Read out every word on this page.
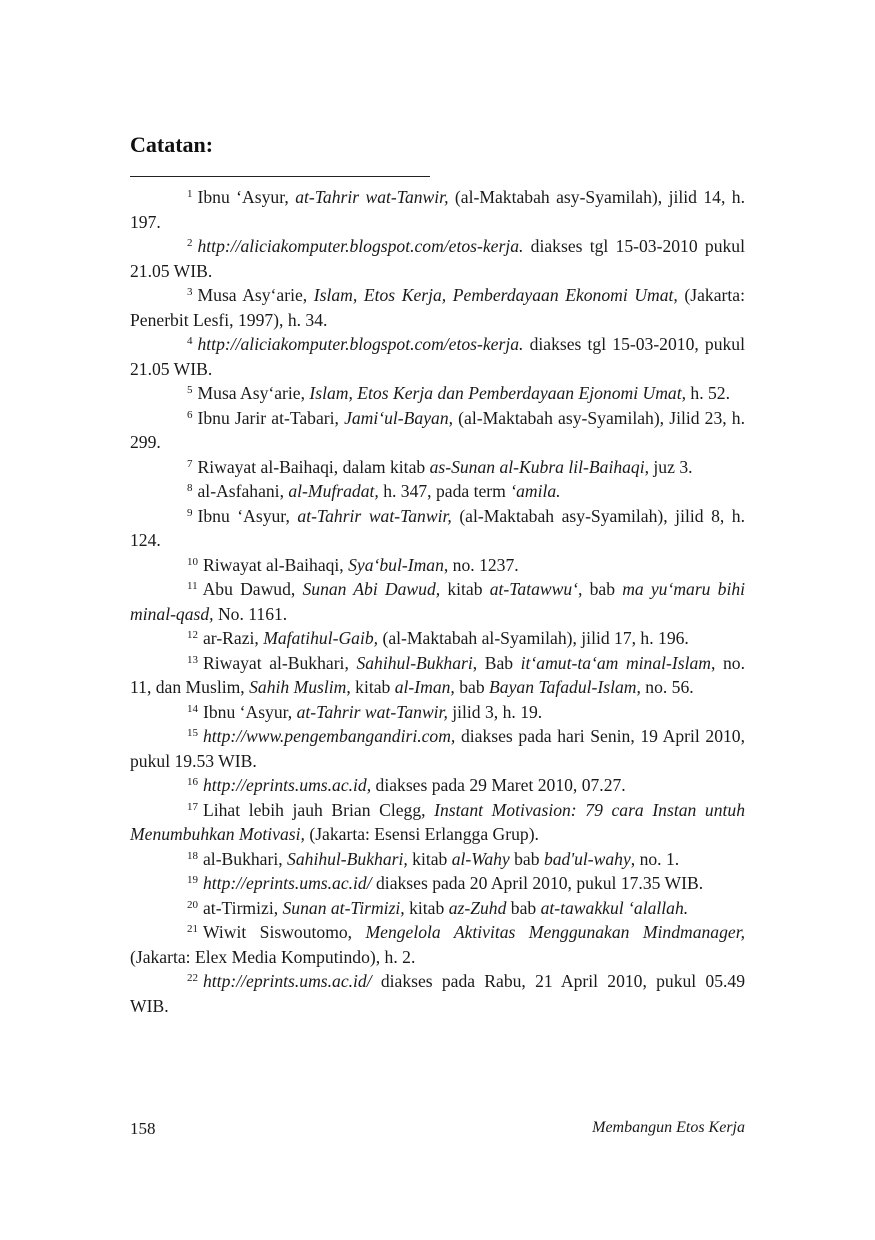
Catatan:

$^1$ Ibnu ‘Asyur, at-Tahrir wat-Tanwir, (al-Maktabah asy-Syamilah), jilid 14, h. 197.

$^2$ http://aliciakomputer.blogspot.com/etos-kerja. diakses tgl 15-03-2010 pukul 21.05 WIB.

$^3$ Musa Asy‘arie, Islam, Etos Kerja, Pemberdayaan Ekonomi Umat, (Jakarta: Penerbit Lesfi, 1997), h. 34.

$^4$ http://aliciakomputer.blogspot.com/etos-kerja. diakses tgl 15-03-2010, pukul 21.05 WIB.

$^5$ Musa Asy‘arie, Islam, Etos Kerja dan Pemberdayaan Ejonomi Umat, h. 52.

$^6$ Ibnu Jarir at-Tabari, Jami‘ul-Bayan, (al-Maktabah asy-Syamilah), Jilid 23, h. 299.

$^7$ Riwayat al-Baihaqi, dalam kitab as-Sunan al-Kubra lil-Baihaqi, juz 3.

$^8$ al-Asfahani, al-Mufradat, h. 347, pada term ‘amila.

$^9$ Ibnu ‘Asyur, at-Tahrir wat-Tanwir, (al-Maktabah asy-Syamilah), jilid 8, h. 124.

$^{10}$ Riwayat al-Baihaqi, Sya‘bul-Iman, no. 1237.

$^{11}$ Abu Dawud, Sunan Abi Dawud, kitab at-Tatawwu‘, bab ma yu‘maru bihi minal-qasd, No. 1161.

$^{12}$ ar-Razi, Mafatihul-Gaib, (al-Maktabah al-Syamilah), jilid 17, h. 196.

$^{13}$ Riwayat al-Bukhari, Sahihul-Bukhari, Bab it‘amut-ta‘am minal-Islam, no. 11, dan Muslim, Sahih Muslim, kitab al-Iman, bab Bayan Tafadul-Islam, no. 56.

$^{14}$ Ibnu ‘Asyur, at-Tahrir wat-Tanwir, jilid 3, h. 19.

$^{15}$ http://www.pengembangandiri.com, diakses pada hari Senin, 19 April 2010, pukul 19.53 WIB.

$^{16}$ http://eprints.ums.ac.id, diakses pada 29 Maret 2010, 07.27.

$^{17}$ Lihat lebih jauh Brian Clegg, Instant Motivasion: 79 cara Instan untuh Menumbuhkan Motivasi, (Jakarta: Esensi Erlangga Grup).

$^{18}$ al-Bukhari, Sahihul-Bukhari, kitab al-Wahy bab bad'ul-wahy, no. 1.

$^{19}$ http://eprints.ums.ac.id/ diakses pada 20 April 2010, pukul 17.35 WIB.

$^{20}$ at-Tirmizi, Sunan at-Tirmizi, kitab az-Zuhd bab at-tawakkul ‘alallah.

$^{21}$ Wiwit Siswoutomo, Mengelola Aktivitas Menggunakan Mindmanager, (Jakarta: Elex Media Komputindo), h. 2.

$^{22}$ http://eprints.ums.ac.id/ diakses pada Rabu, 21 April 2010, pukul 05.49 WIB.

158	Membangun Etos Kerja
